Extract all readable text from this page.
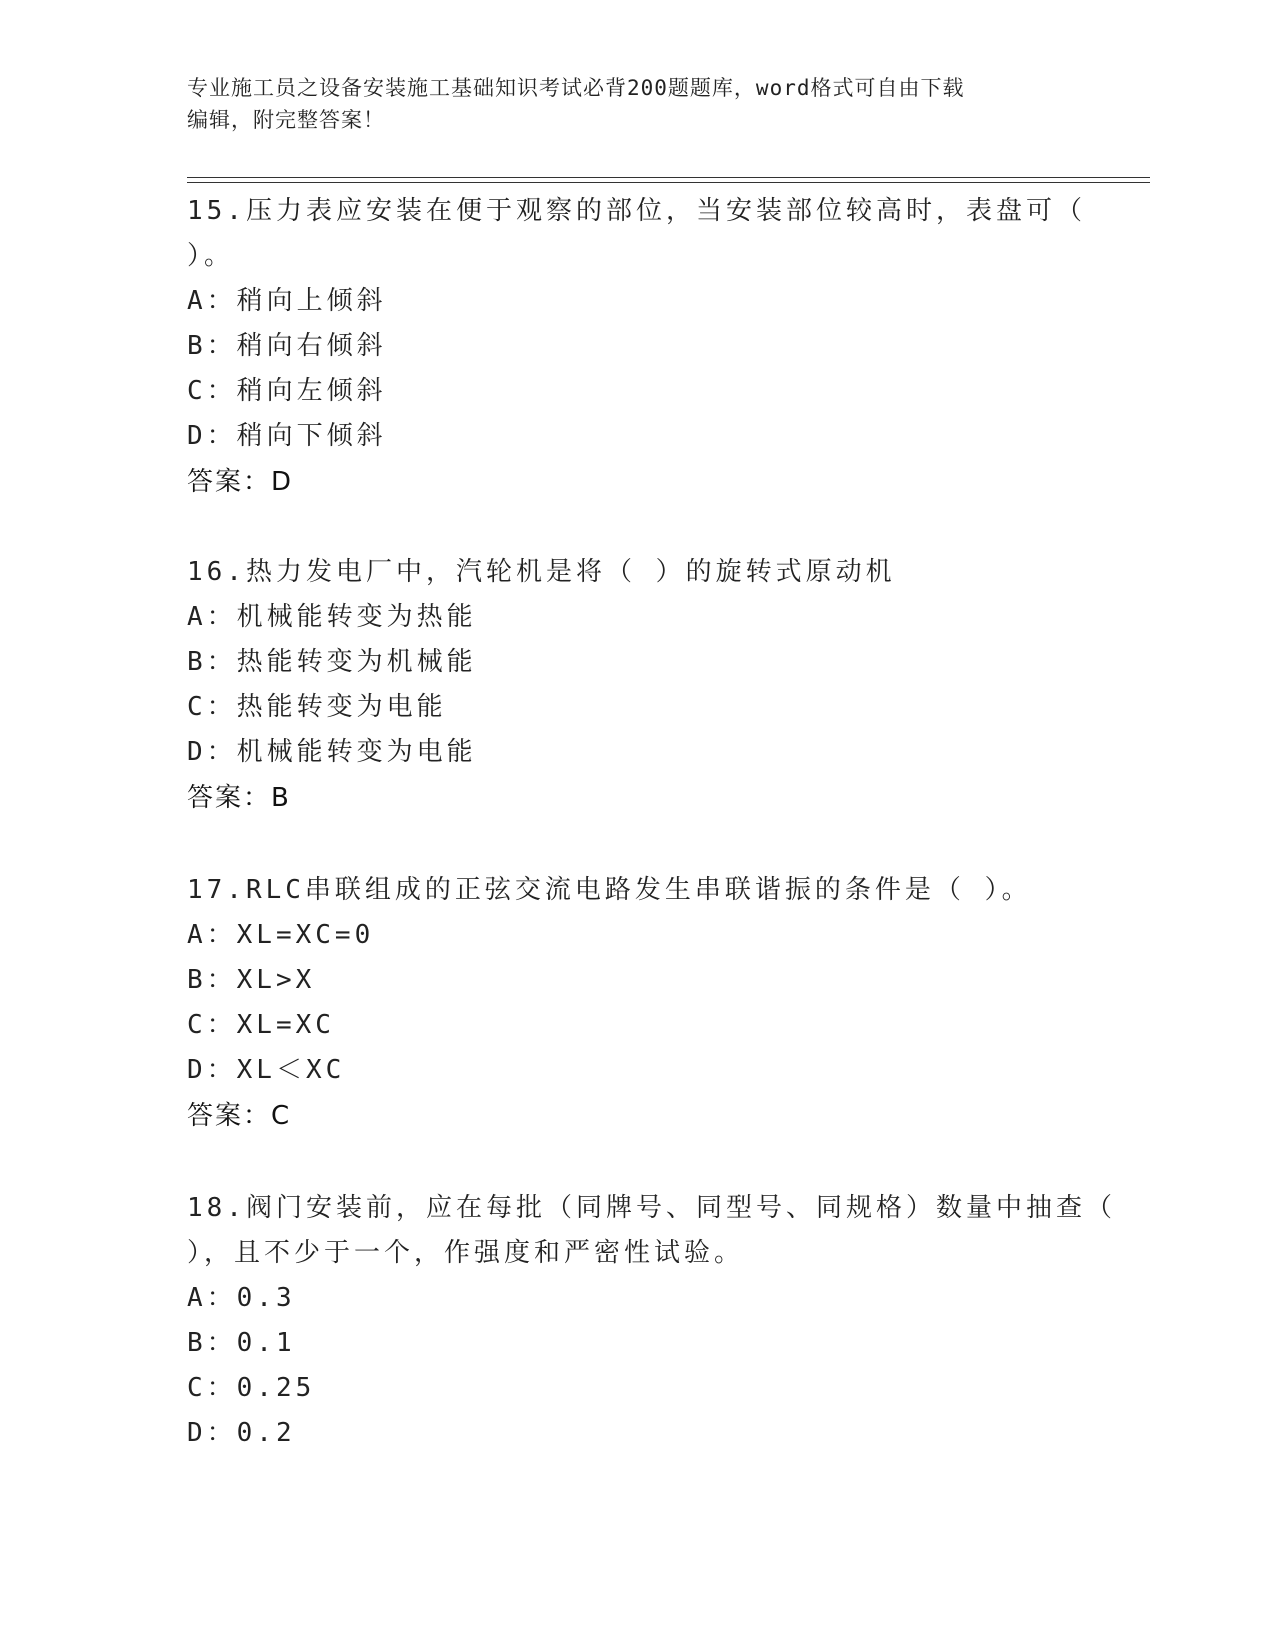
专业施工员之设备安装施工基础知识考试必背200题题库，word格式可自由下载
编辑，附完整答案！
15.压力表应安装在便于观察的部位，当安装部位较高时，表盘可（
）。
A：稍向上倾斜
B：稍向右倾斜
C：稍向左倾斜
D：稍向下倾斜
答案：D
16.热力发电厂中，汽轮机是将（ ）的旋转式原动机
A：机械能转变为热能
B：热能转变为机械能
C：热能转变为电能
D：机械能转变为电能
答案：B
17.RLC串联组成的正弦交流电路发生串联谐振的条件是（ ）。
A：XL=XC=0
B：XL>X
C：XL=XC
D：XL＜XC
答案：C
18.阀门安装前，应在每批（同牌号、同型号、同规格）数量中抽查（
），且不少于一个，作强度和严密性试验。
A：0.3
B：0.1
C：0.25
D：0.2
